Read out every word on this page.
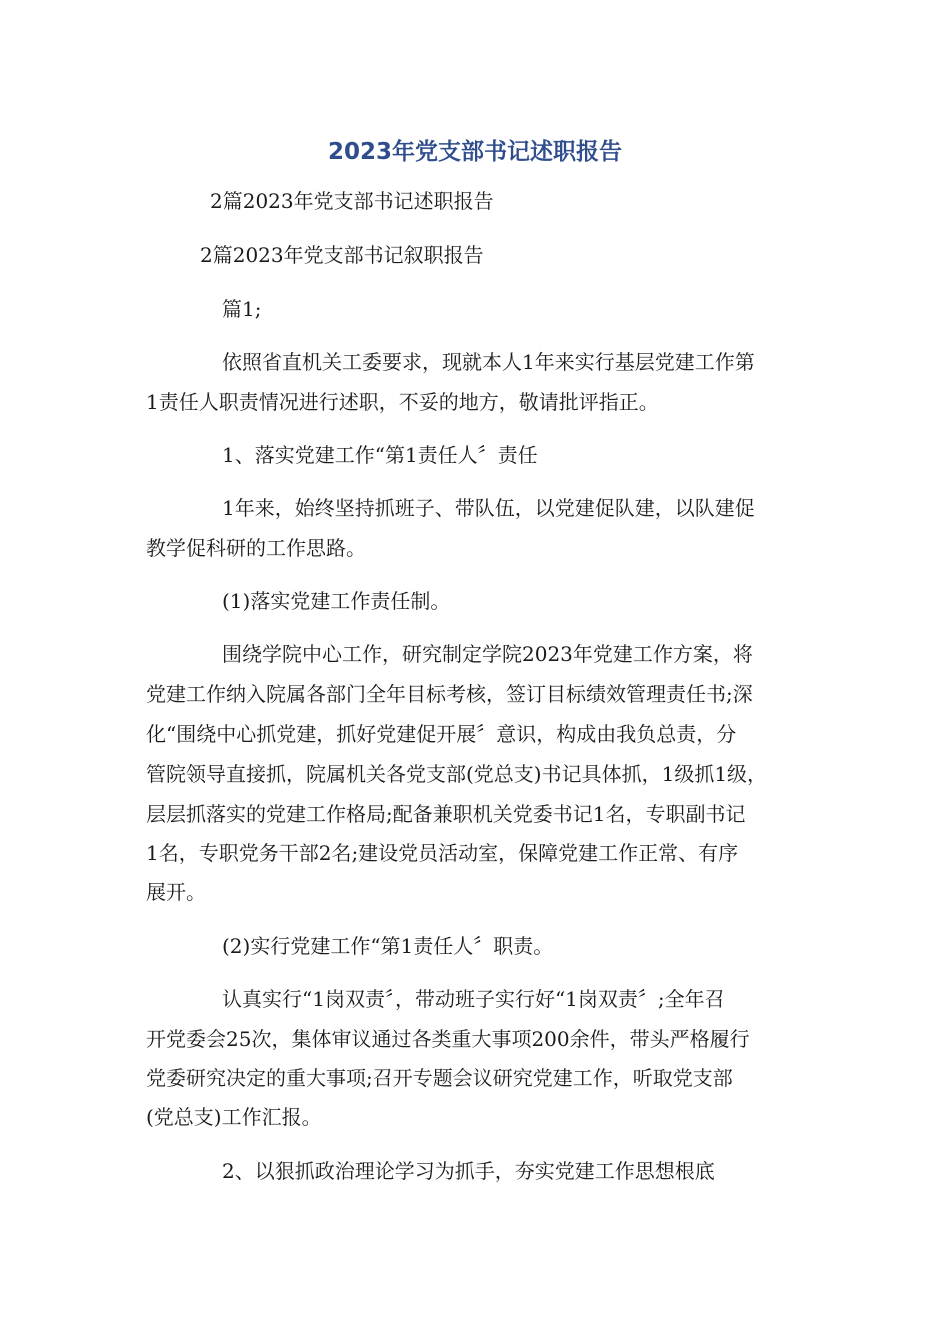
2023年党支部书记述职报告
2篇2023年党支部书记述职报告
2篇2023年党支部书记叙职报告
篇1;
依照省直机关工委要求，现就本人1年来实行基层党建工作第
1责任人职责情况进行述职，不妥的地方，敬请批评指正。
1、落实党建工作“第1责任人〞责任
1年来，始终坚持抓班子、带队伍，以党建促队建，以队建促
教学促科研的工作思路。
(1)落实党建工作责任制。
围绕学院中心工作，研究制定学院2023年党建工作方案，将
党建工作纳入院属各部门全年目标考核，签订目标绩效管理责任书;深
化“围绕中心抓党建，抓好党建促开展〞意识，构成由我负总责，分
管院领导直接抓，院属机关各党支部(党总支)书记具体抓，1级抓1级，
层层抓落实的党建工作格局;配备兼职机关党委书记1名，专职副书记
1名，专职党务干部2名;建设党员活动室，保障党建工作正常、有序
展开。
(2)实行党建工作“第1责任人〞职责。
认真实行“1岗双责〞，带动班子实行好“1岗双责〞;全年召
开党委会25次，集体审议通过各类重大事项200余件，带头严格履行
党委研究决定的重大事项;召开专题会议研究党建工作，听取党支部
(党总支)工作汇报。
2、以狠抓政治理论学习为抓手，夯实党建工作思想根底
